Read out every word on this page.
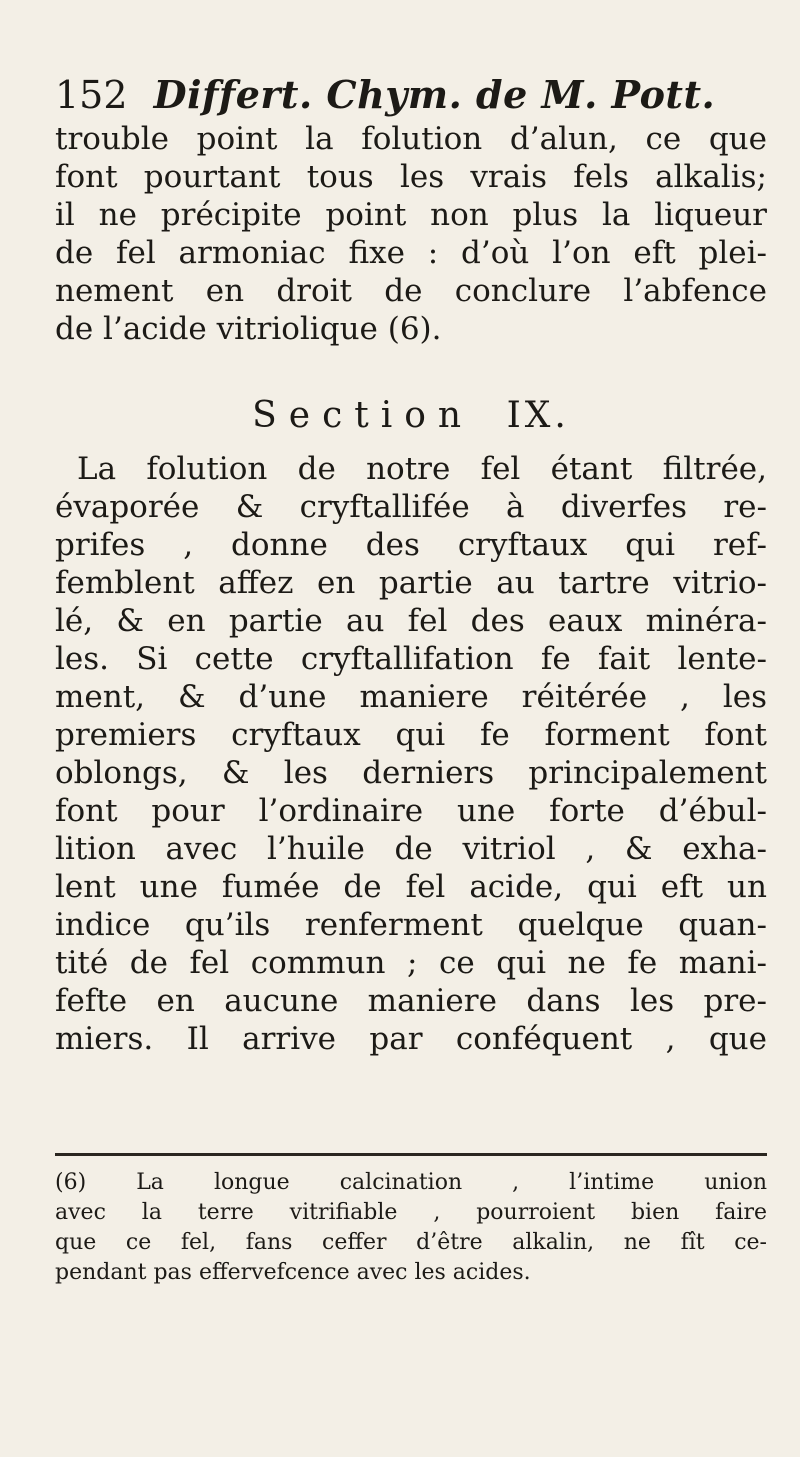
152 Differt. Chym. de M. Pott.
trouble point la folution d’alun, ce que
font pourtant tous les vrais fels alkalis;
il ne précipite point non plus la liqueur
de fel armoniac fixe : d’où l’on eft plei-
nement en droit de conclure l’abfence
de l’acide vitriolique (6).
Section IX.
La folution de notre fel étant filtrée,
évaporée & cryftallifée à diverfes re-
prifes , donne des cryftaux qui ref-
femblent affez en partie au tartre vitrio-
lé, & en partie au fel des eaux minéra-
les. Si cette cryftallifation fe fait lente-
ment, & d’une maniere réitérée , les
premiers cryftaux qui fe forment font
oblongs, & les derniers principalement
font pour l’ordinaire une forte d’ébul-
lition avec l’huile de vitriol , & exha-
lent une fumée de fel acide, qui eft un
indice qu’ils renferment quelque quan-
tité de fel commun ; ce qui ne fe mani-
fefte en aucune maniere dans les pre-
miers. Il arrive par conféquent , que
(6) La longue calcination , l’intime union
avec la terre vitrifiable , pourroient bien faire
que ce fel, fans ceffer d’être alkalin, ne fît ce-
pendant pas effervefcence avec les acides.
